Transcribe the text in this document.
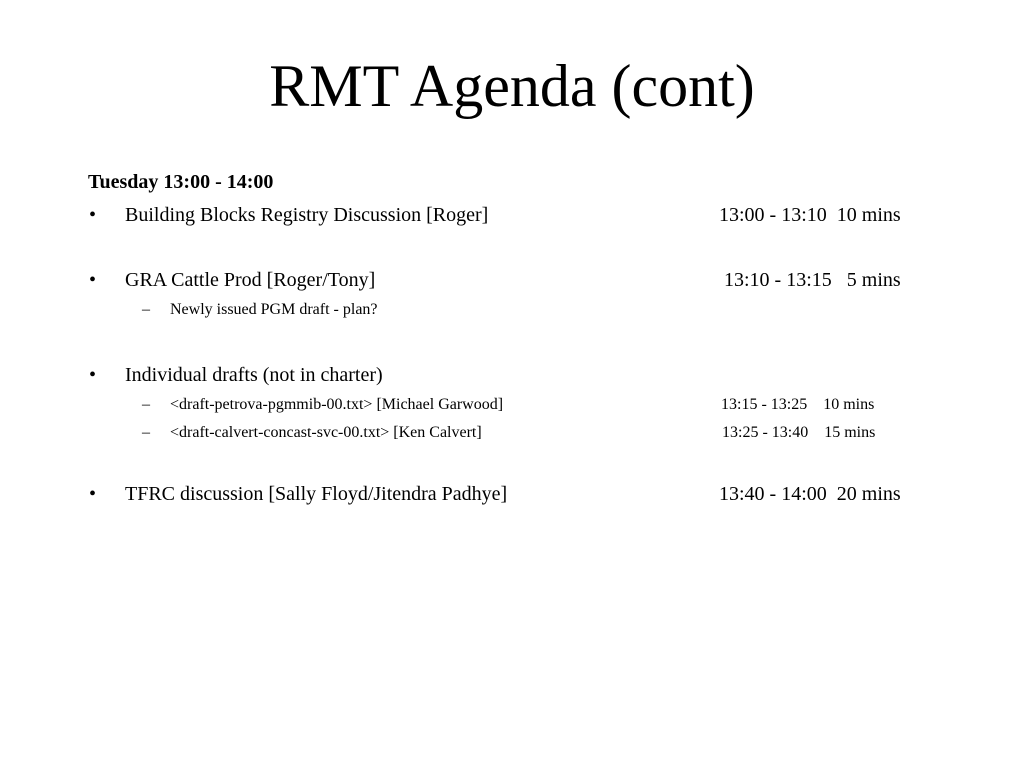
RMT Agenda (cont)
Tuesday 13:00 - 14:00
• Building Blocks Registry Discussion [Roger]	13:00 - 13:10  10 mins
• GRA Cattle Prod [Roger/Tony]	13:10 - 13:15   5 mins
– Newly issued PGM draft - plan?
• Individual drafts (not in charter)
– <draft-petrova-pgmmib-00.txt> [Michael Garwood]	13:15 - 13:25    10 mins
– <draft-calvert-concast-svc-00.txt> [Ken Calvert]	13:25 - 13:40    15 mins
• TFRC discussion [Sally Floyd/Jitendra Padhye]	13:40 - 14:00  20 mins
